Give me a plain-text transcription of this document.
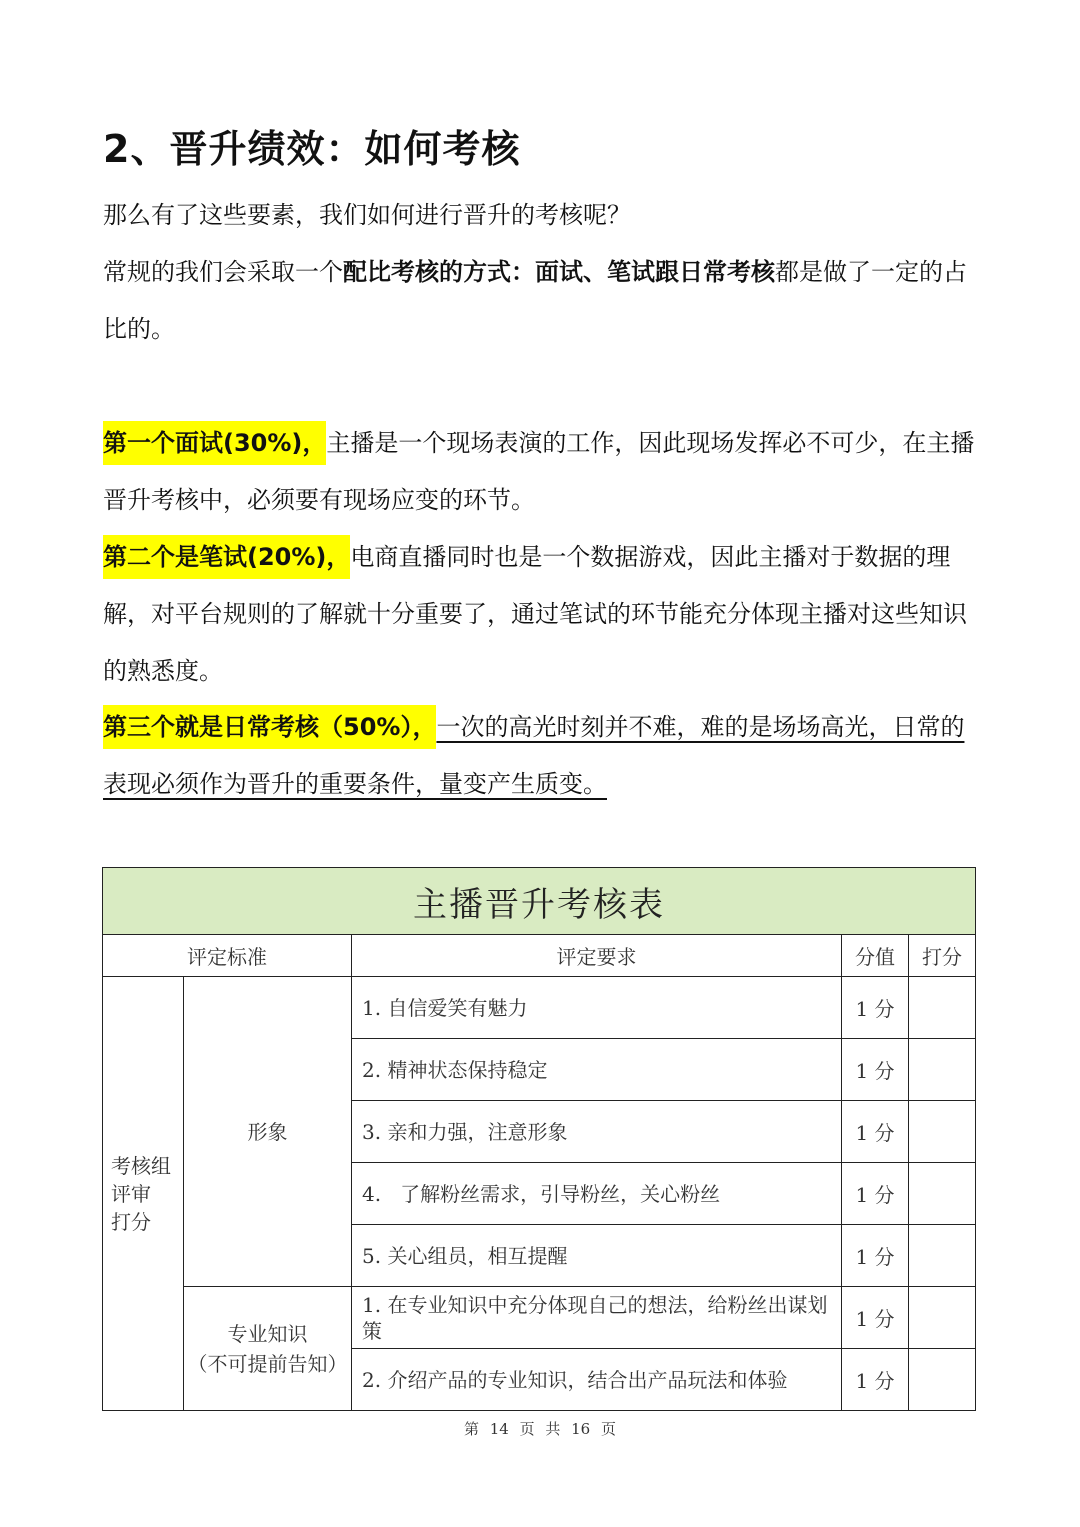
2、晋升绩效：如何考核

那么有了这些要素，我们如何进行晋升的考核呢？
常规的我们会采取一个配比考核的方式：面试、笔试跟日常考核都是做了一定的占比的。

第一个面试(30%)，主播是一个现场表演的工作，因此现场发挥必不可少，在主播晋升考核中，必须要有现场应变的环节。

第二个是笔试(20%)，电商直播同时也是一个数据游戏，因此主播对于数据的理解，对平台规则的了解就十分重要了，通过笔试的环节能充分体现主播对这些知识的熟悉度。

第三个就是日常考核（50%），一次的高光时刻并不难，难的是场场高光，日常的表现必须作为晋升的重要条件，量变产生质变。

主播晋升考核表				
评定标准		评定要求	分值	打分
考核组评审 打分	形象	1. 自信爱笑有魅力	1 分	
		2. 精神状态保持稳定	1 分	
		3. 亲和力强，注意形象	1 分	
		4.   了解粉丝需求，引导粉丝，关心粉丝	1 分	
		5. 关心组员，相互提醒	1 分	
	专业知识
（不可提前告知）	1. 在专业知识中充分体现自己的想法，给粉丝出谋划策	1 分	
		2. 介绍产品的专业知识，结合出产品玩法和体验	1 分	
第 14 页 共 16 页
